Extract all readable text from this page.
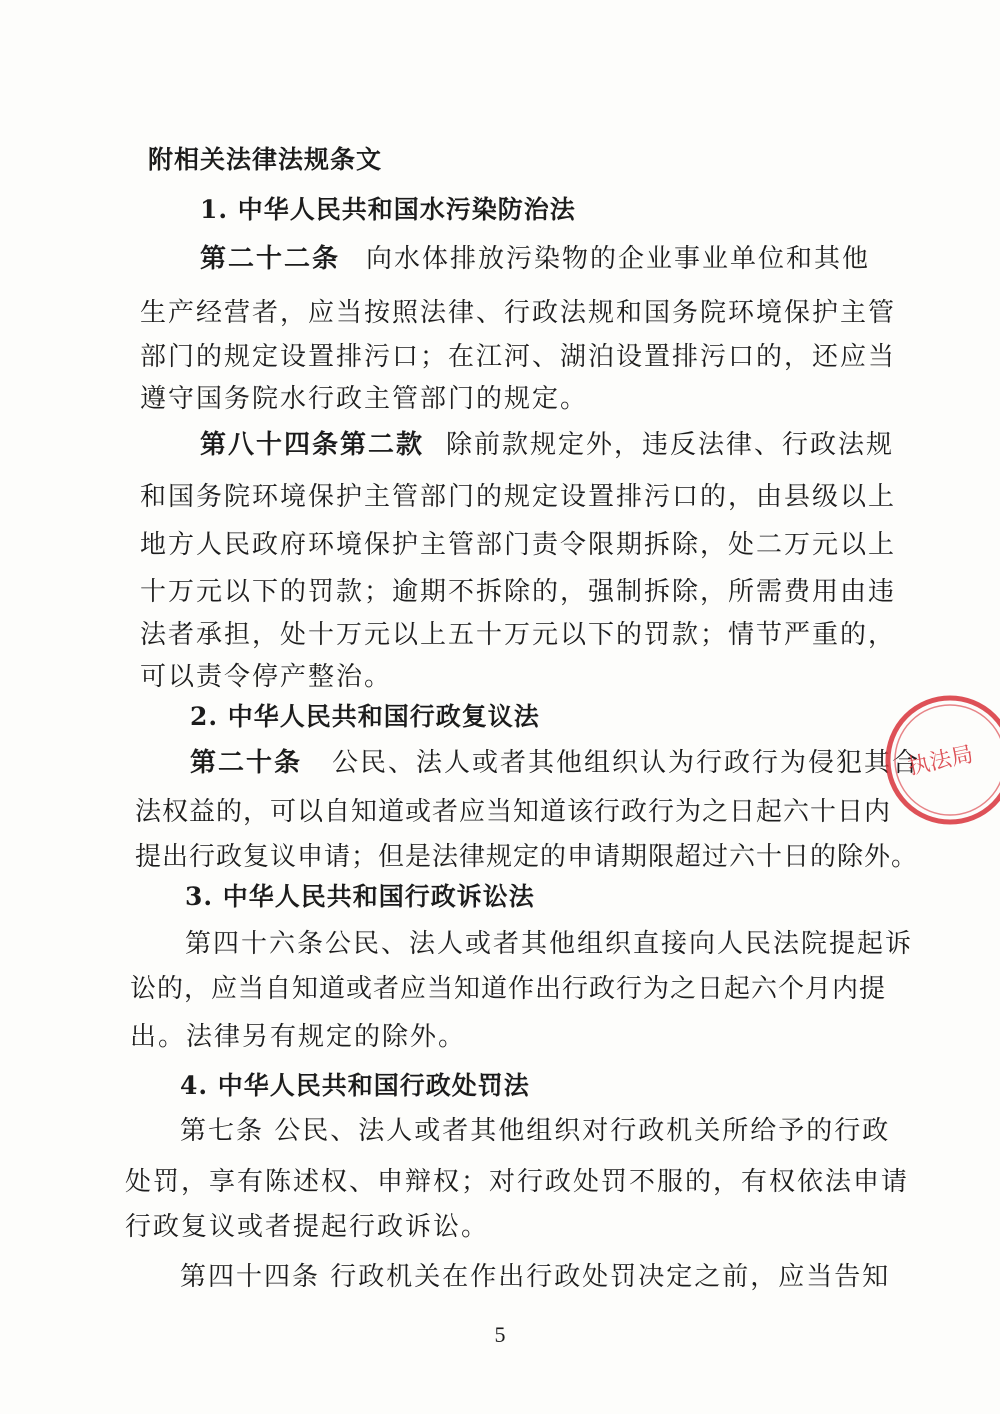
附相关法律法规条文
1. 中华人民共和国水污染防治法
第二十二条 向水体排放污染物的企业事业单位和其他
生产经营者，应当按照法律、行政法规和国务院环境保护主管
部门的规定设置排污口；在江河、湖泊设置排污口的，还应当
遵守国务院水行政主管部门的规定。
第八十四条第二款 除前款规定外，违反法律、行政法规
和国务院环境保护主管部门的规定设置排污口的，由县级以上
地方人民政府环境保护主管部门责令限期拆除，处二万元以上
十万元以下的罚款；逾期不拆除的，强制拆除，所需费用由违
法者承担，处十万元以上五十万元以下的罚款；情节严重的，
可以责令停产整治。
2. 中华人民共和国行政复议法
第二十条 公民、法人或者其他组织认为行政行为侵犯其合
法权益的，可以自知道或者应当知道该行政行为之日起六十日内
提出行政复议申请；但是法律规定的申请期限超过六十日的除外。
3. 中华人民共和国行政诉讼法
第四十六条公民、法人或者其他组织直接向人民法院提起诉
讼的，应当自知道或者应当知道作出行政行为之日起六个月内提
出。法律另有规定的除外。
4. 中华人民共和国行政处罚法
第七条 公民、法人或者其他组织对行政机关所给予的行政
处罚，享有陈述权、申辩权；对行政处罚不服的，有权依法申请
行政复议或者提起行政诉讼。
第四十四条 行政机关在作出行政处罚决定之前，应当告知
执法局
5
